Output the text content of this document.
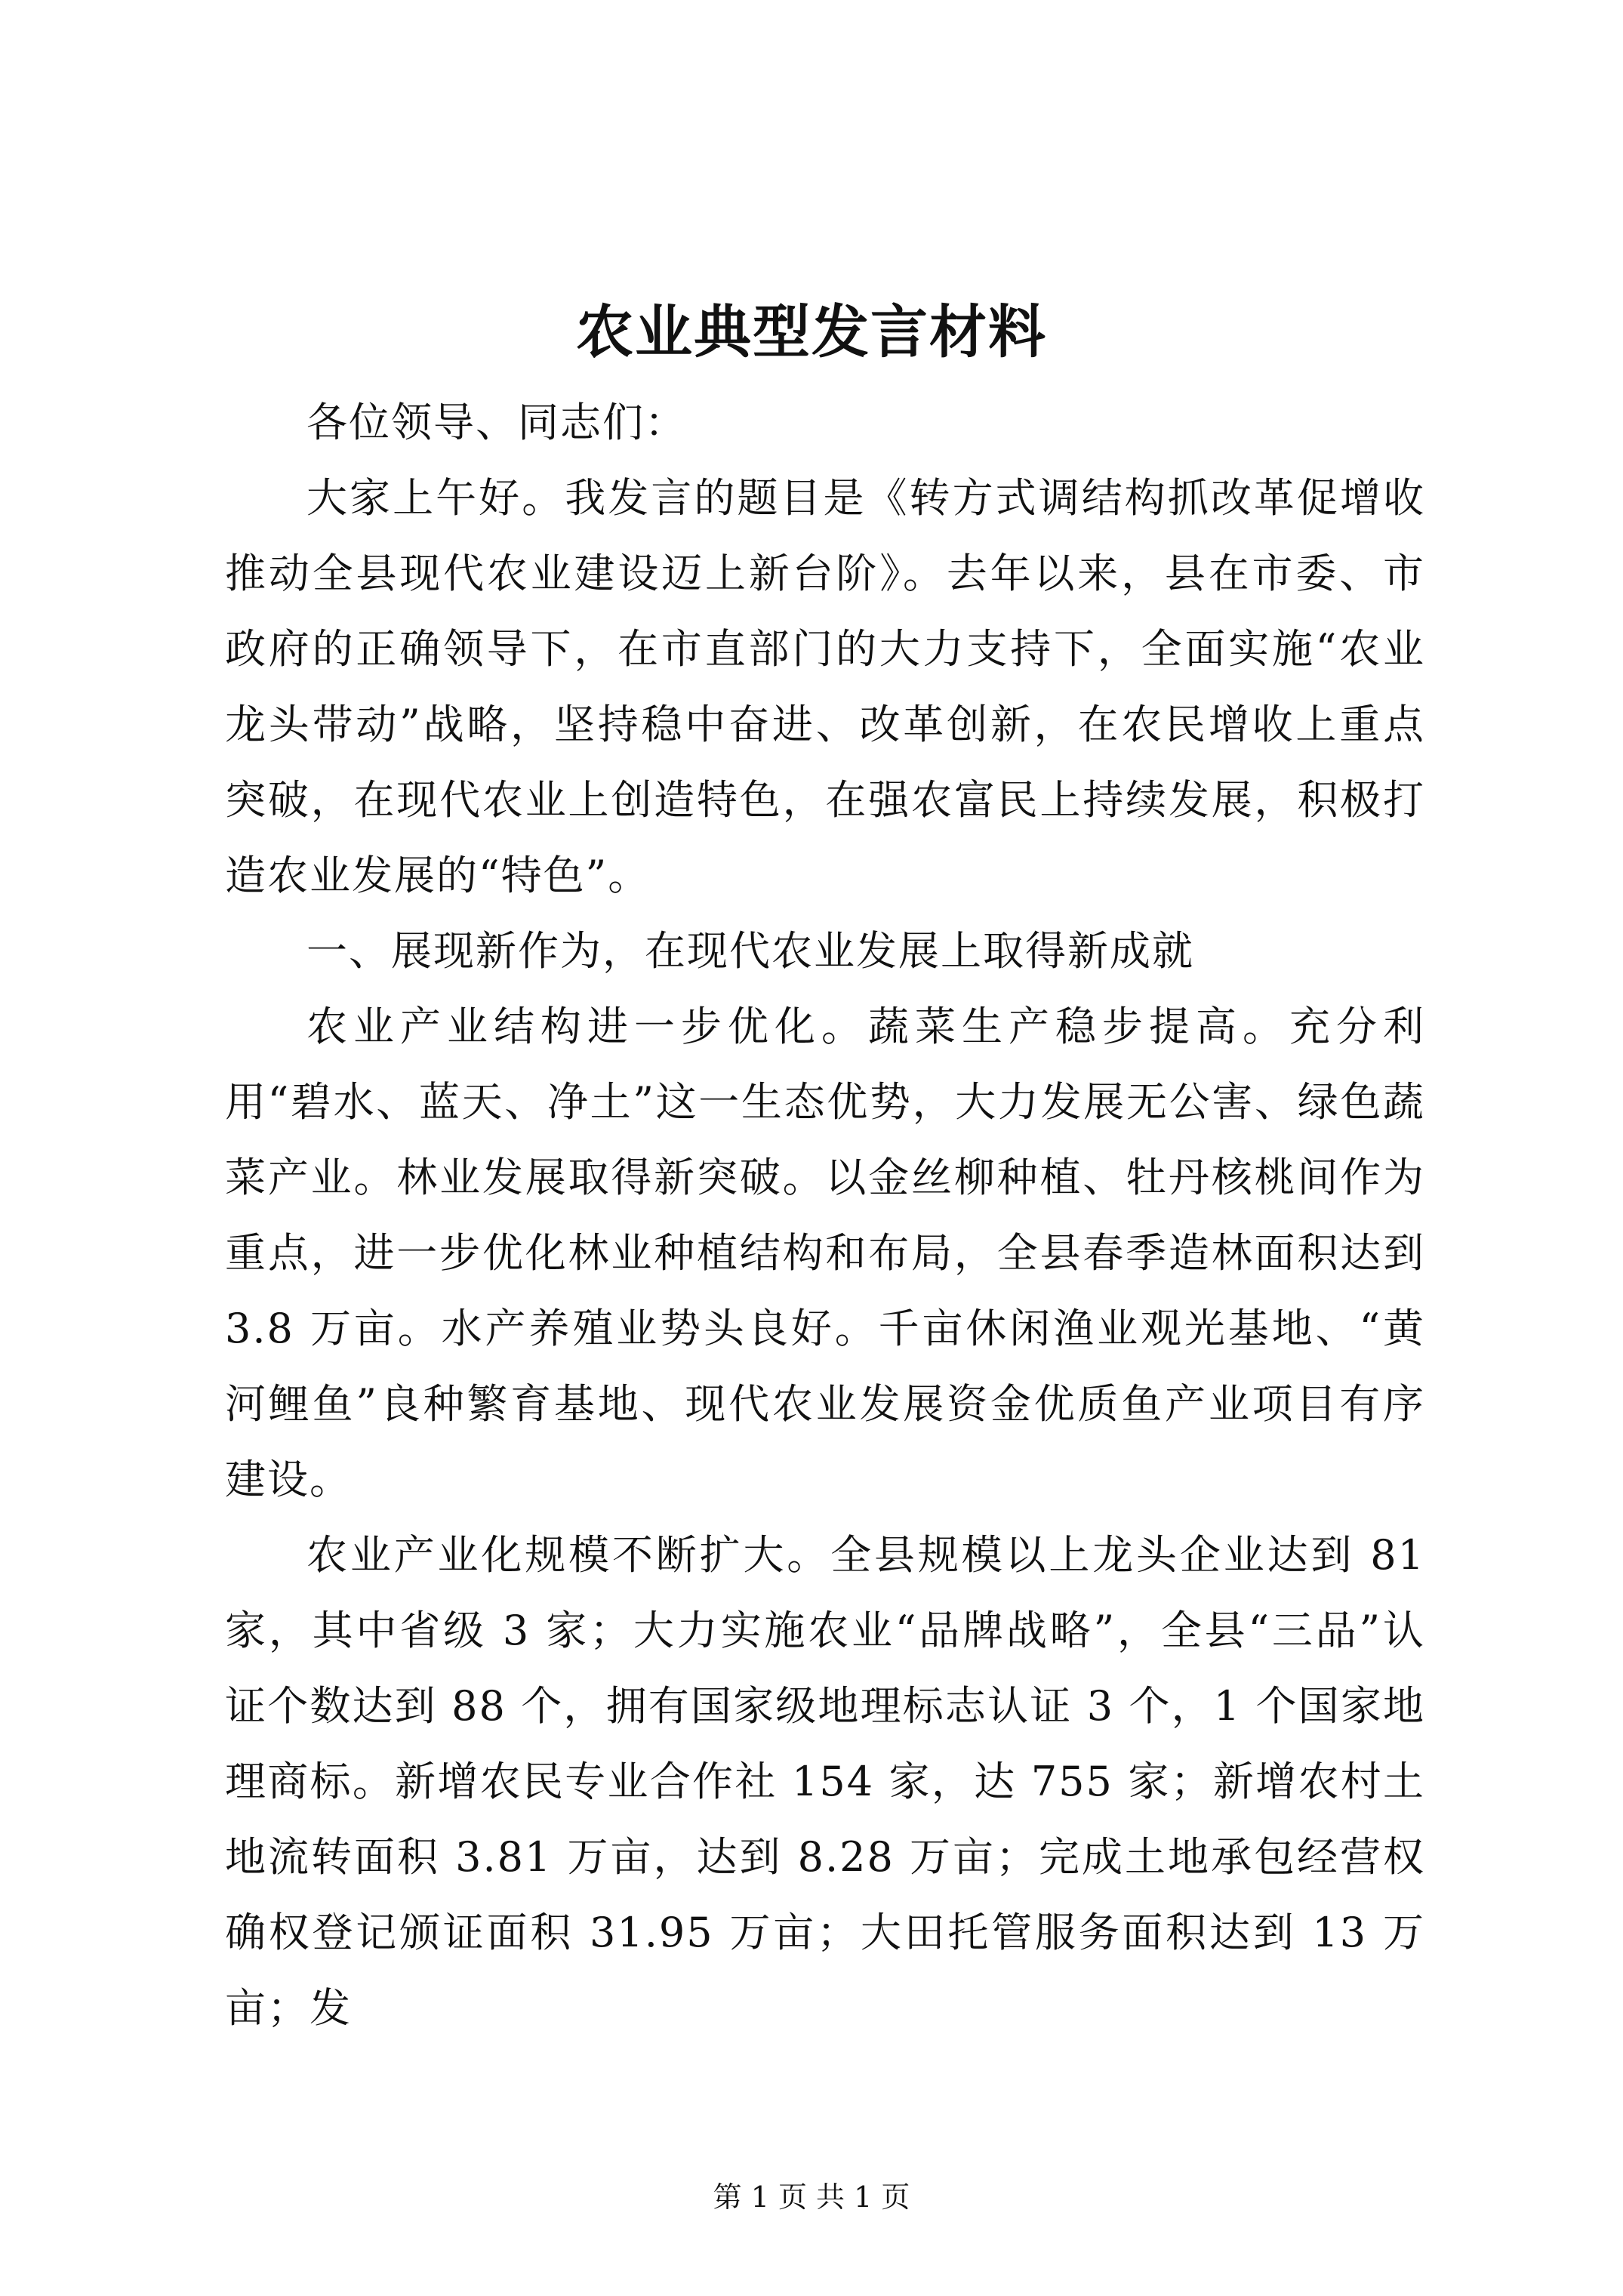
农业典型发言材料

各位领导、同志们：

大家上午好。我发言的题目是《转方式调结构抓改革促增收推动全县现代农业建设迈上新台阶》。去年以来，县在市委、市政府的正确领导下，在市直部门的大力支持下，全面实施“农业龙头带动”战略，坚持稳中奋进、改革创新，在农民增收上重点突破，在现代农业上创造特色，在强农富民上持续发展，积极打造农业发展的“特色”。

一、展现新作为，在现代农业发展上取得新成就

农业产业结构进一步优化。蔬菜生产稳步提高。充分利用“碧水、蓝天、净土”这一生态优势，大力发展无公害、绿色蔬菜产业。林业发展取得新突破。以金丝柳种植、牡丹核桃间作为重点，进一步优化林业种植结构和布局，全县春季造林面积达到 3.8 万亩。水产养殖业势头良好。千亩休闲渔业观光基地、“黄河鲤鱼”良种繁育基地、现代农业发展资金优质鱼产业项目有序建设。

农业产业化规模不断扩大。全县规模以上龙头企业达到 81 家，其中省级 3 家；大力实施农业“品牌战略”，全县“三品”认证个数达到 88 个，拥有国家级地理标志认证 3 个，1 个国家地理商标。新增农民专业合作社 154 家，达 755 家；新增农村土地流转面积 3.81 万亩，达到 8.28 万亩；完成土地承包经营权确权登记颁证面积 31.95 万亩；大田托管服务面积达到 13 万亩；发

第 1 页 共 1 页
